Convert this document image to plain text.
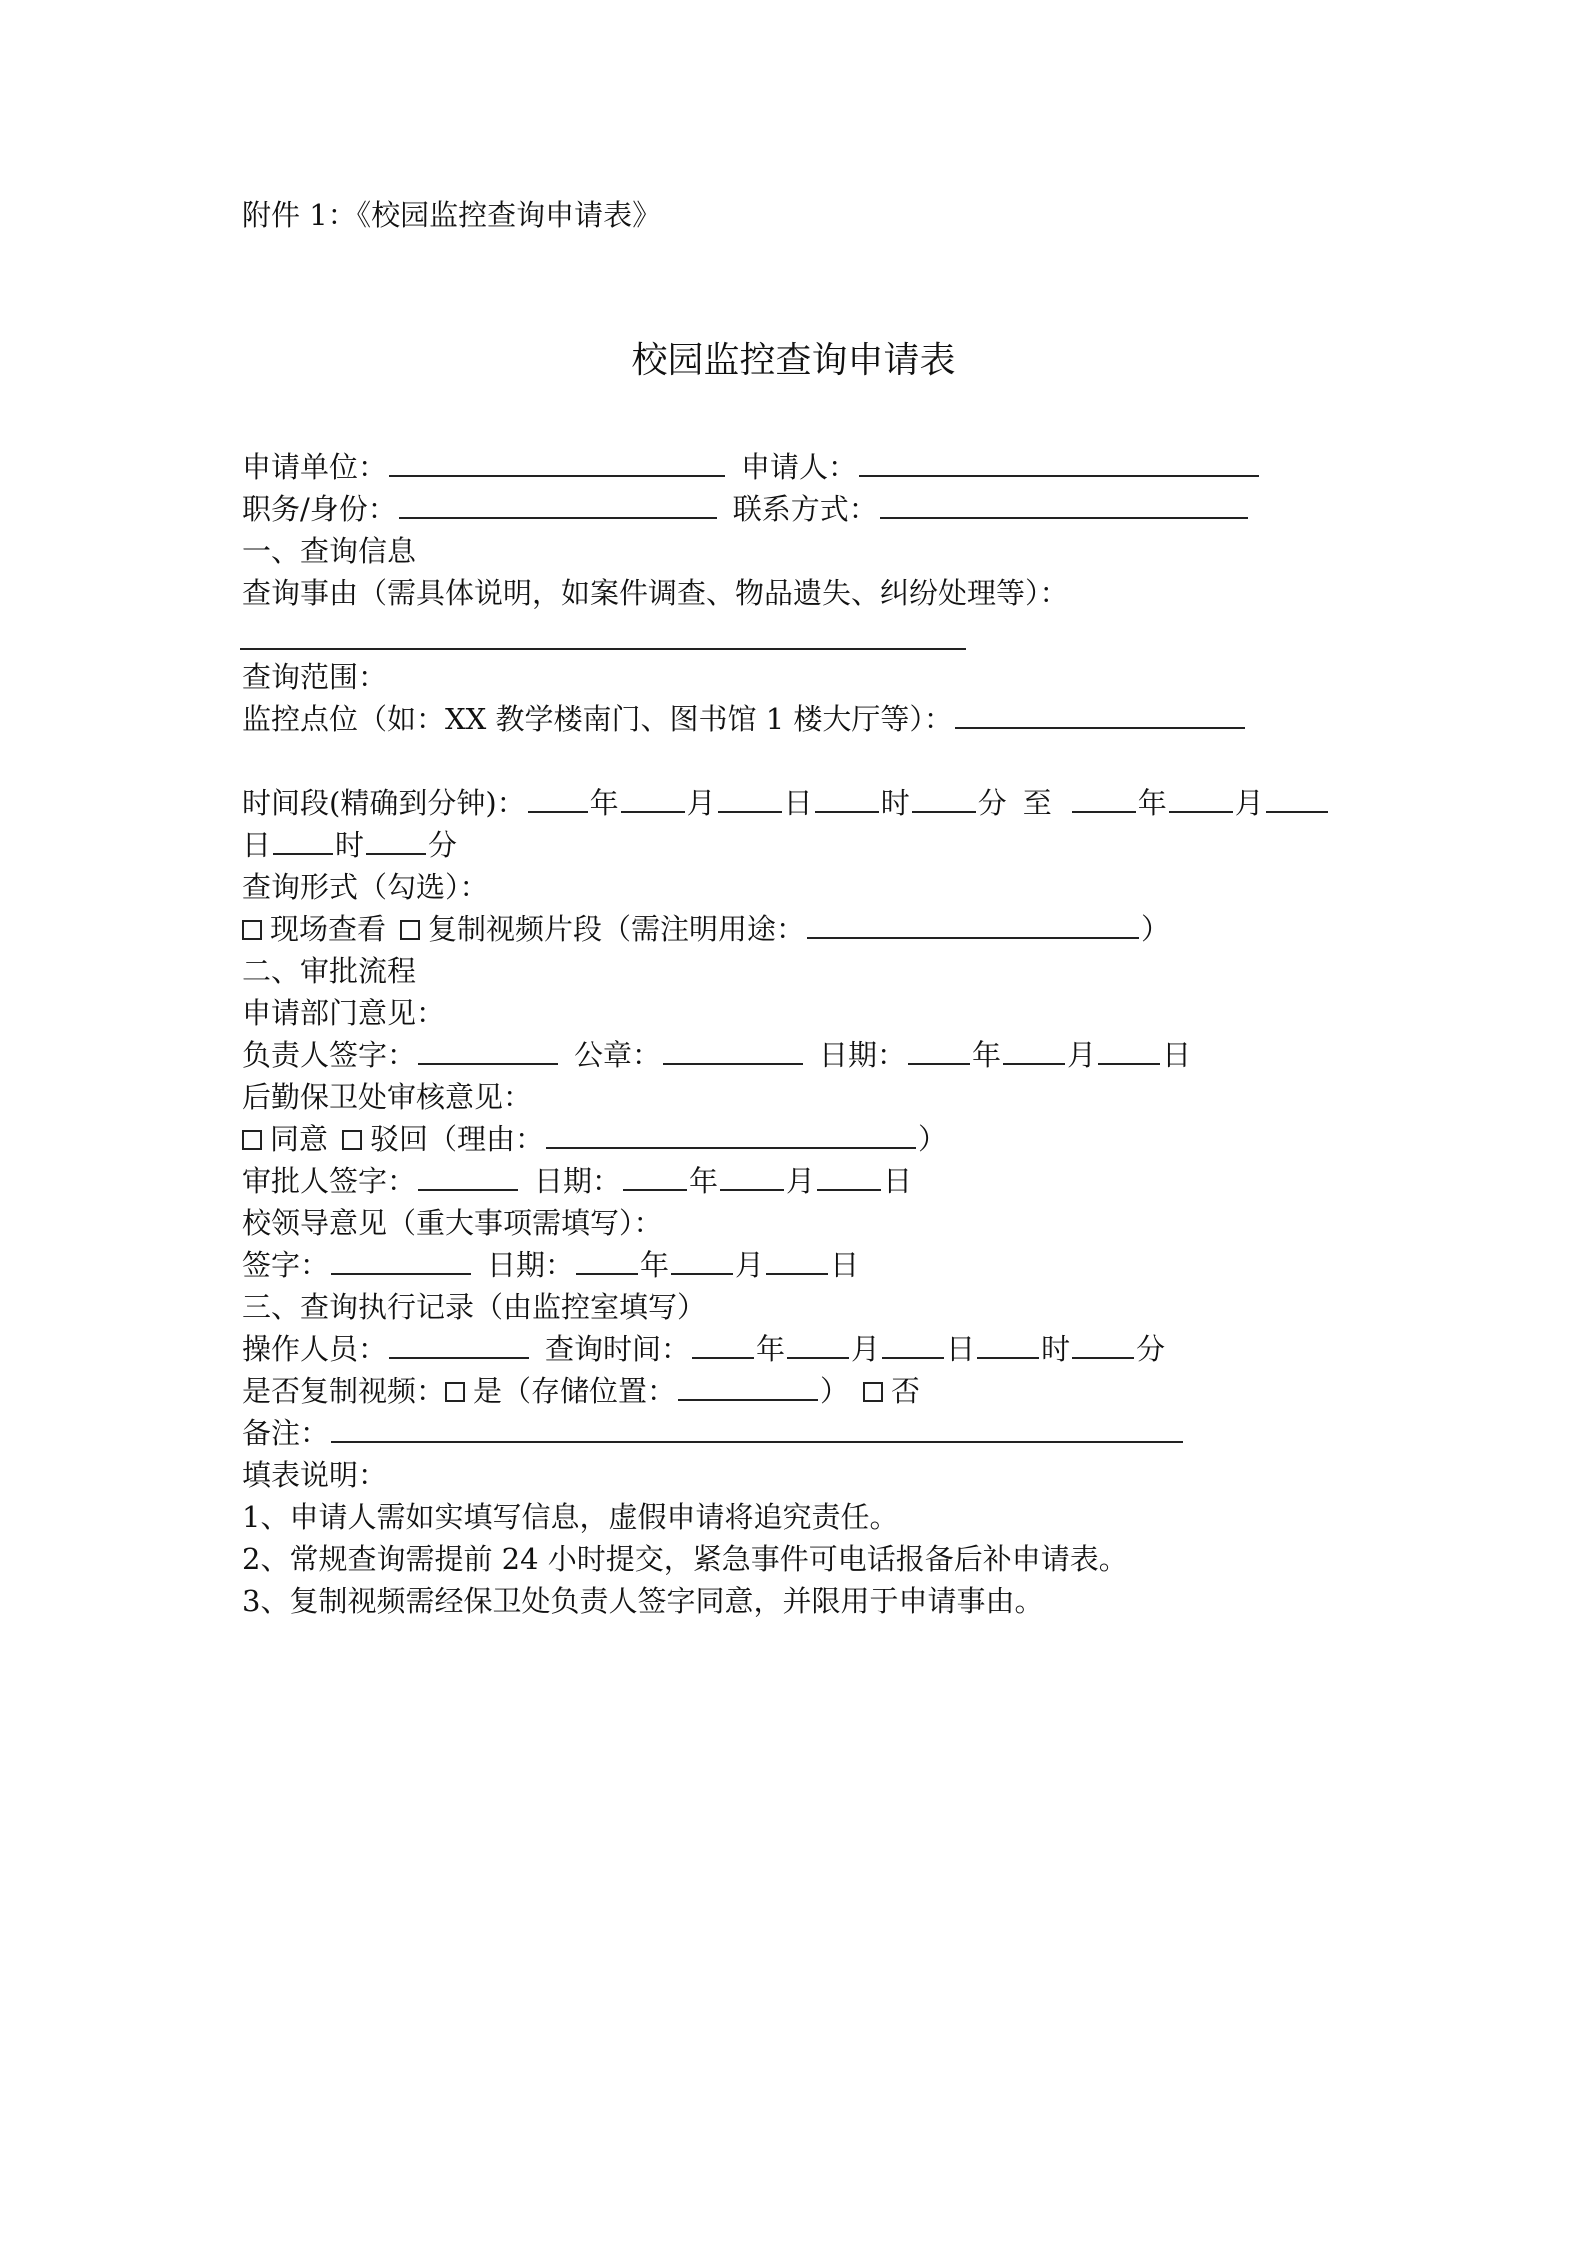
附件 1：《校园监控查询申请表》
校园监控查询申请表
申请单位：	申请人：
职务/身份：	联系方式：
一、查询信息
查询事由（需具体说明，如案件调查、物品遗失、纠纷处理等）：
查询范围：
监控点位（如：XX 教学楼南门、图书馆 1 楼大厅等）：
时间段(精确到分钟)： 年 月 日 时 分 至	年 月
日 时 分
查询形式（勾选）：
现场查看 复制视频片段（需注明用途：	）
二、审批流程
申请部门意见：
负责人签字：	公章：	日期： 年 月 日
后勤保卫处审核意见：
同意 驳回（理由：	）
审批人签字：	日期： 年 月 日
校领导意见（重大事项需填写）：
签字：	日期： 年 月 日
三、查询执行记录（由监控室填写）
操作人员：	查询时间： 年 月 日 时 分
是否复制视频： 是（存储位置：	） 否
备注：
填表说明：
1、申请人需如实填写信息，虚假申请将追究责任。
2、常规查询需提前 24 小时提交，紧急事件可电话报备后补申请表。
3、复制视频需经保卫处负责人签字同意，并限用于申请事由。
